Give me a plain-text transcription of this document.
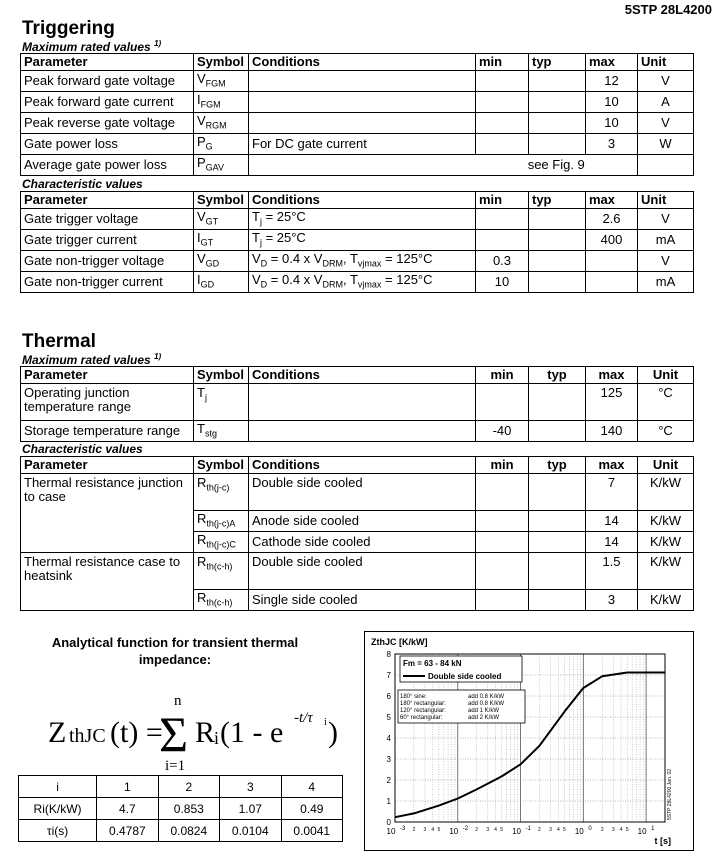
5STP 28L4200
Triggering
Maximum rated values $^{1)}$
Parameter	Symbol	Conditions	min	typ	max	Unit
Peak forward gate voltage	$V_{FGM}$				12	V
Peak forward gate current	$I_{FGM}$				10	A
Peak reverse gate voltage	$V_{RGM}$				10	V
Gate power loss	$P_G$	For DC gate current			3	W
Average gate power loss	$P_{GAV}$		see Fig. 9			
Characteristic values
Parameter	Symbol	Conditions	min	typ	max	Unit
Gate trigger voltage	$V_{GT}$	$T_j = 25^\circ C$			2.6	V
Gate trigger current	$I_{GT}$	$T_j = 25^\circ C$			400	mA
Gate non-trigger voltage	$V_{GD}$	$V_D = 0.4$ x $V_{DRM}$, $T_{vjmax} = 125^\circ C$	0.3			V
Gate non-trigger current	$I_{GD}$	$V_D = 0.4$ x $V_{DRM}$, $T_{vjmax} = 125^\circ C$	10			mA
Thermal
Maximum rated values $^{1)}$
Parameter	Symbol	Conditions	min	typ	max	Unit
Operating junction temperature range	$T_j$				125	°C
Storage temperature range	$T_{stg}$		-40		140	°C
Characteristic values
Parameter	Symbol	Conditions	min	typ	max	Unit
Thermal resistance junction to case	$R_{th(j-c)}$	Double side cooled			7	K/kW
	$R_{th(j-c)A}$	Anode side cooled			14	K/kW
	$R_{th(j-c)C}$	Cathode side cooled			14	K/kW
Thermal resistance case to heatsink	$R_{th(c-h)}$	Double side cooled			1.5	K/kW
	$R_{th(c-h)}$	Single side cooled			3	K/kW
Analytical function for transient thermal impedance:
Z thJC (t) =
n
Σ
i=1
R
i (1 - e -t/τ i )
i	1	2	3	4
Ri(K/kW)	4.7	0.853	1.07	0.49
τi(s)	0.4787	0.0824	0.0104	0.0041
0
1
2
3
4
5
6
7
8
10 -3 2 3 4 5 10 -2 2 3 4 5 10 -1 2 3 4 5 10 0 2 3 4 5 10 1
ZthJC [K/kW]
t [s]
Fm = 63 - 84 kN
Double side cooled
180° sine:	add 0.8 K/kW
180° rectangular:	add 0.8 K/kW
120° rectangular:	add 1 K/kW
60° rectangular:	add 2 K/kW
5STP 28L4200 Jan. 02
